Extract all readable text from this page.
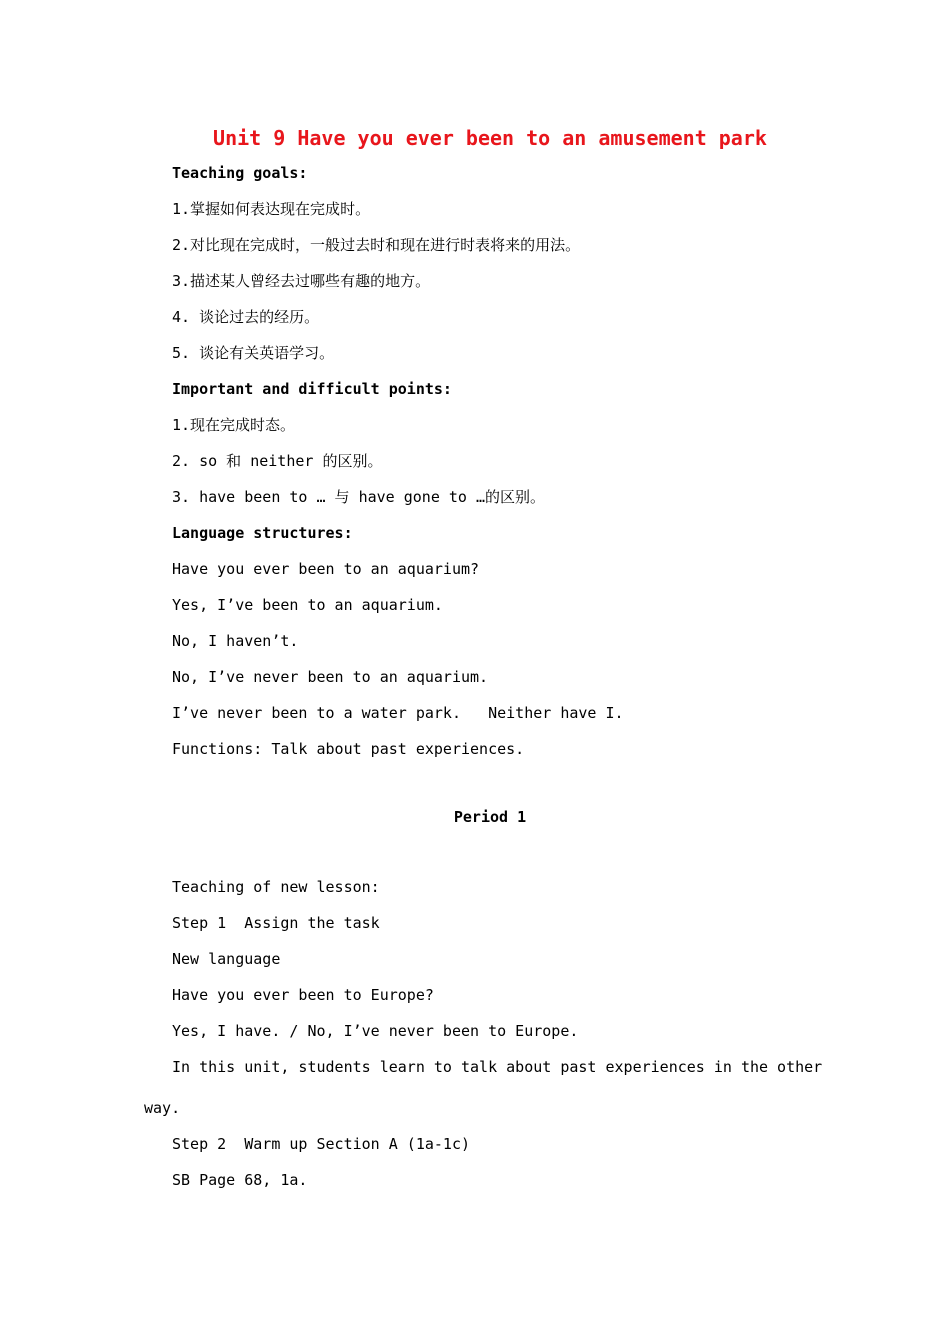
Unit 9 Have you ever been to an amusement park
Teaching goals:
1.掌握如何表达现在完成时。
2.对比现在完成时，一般过去时和现在进行时表将来的用法。
3.描述某人曾经去过哪些有趣的地方。
4. 谈论过去的经历。
5. 谈论有关英语学习。
Important and difficult points:
1.现在完成时态。
2. so 和 neither 的区别。
3. have been to … 与 have gone to …的区别。
Language structures:
Have you ever been to an aquarium?
Yes, I’ve been to an aquarium.
No, I haven’t.
No, I’ve never been to an aquarium.
I’ve never been to a water park.   Neither have I.
Functions: Talk about past experiences.
Period 1
Teaching of new lesson:
Step 1  Assign the task
New language
Have you ever been to Europe?
Yes, I have. / No, I’ve never been to Europe.
In this unit, students learn to talk about past experiences in the other
way.
Step 2  Warm up Section A (1a-1c)
SB Page 68, 1a.
